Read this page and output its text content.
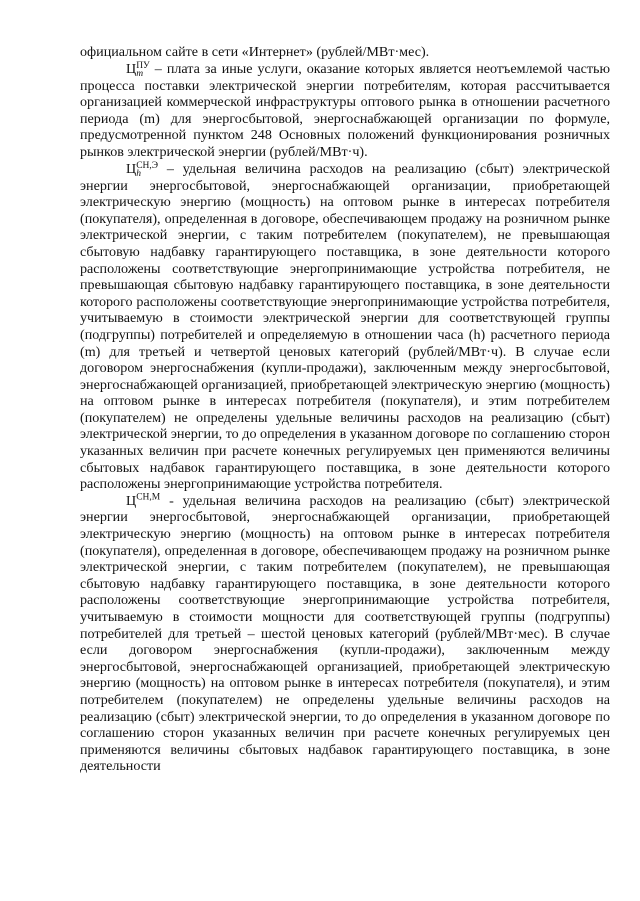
официальном сайте в сети «Интернет» (рублей/МВт·мес).

Ц ПУ
m – плата за иные услуги, оказание которых является неотъемлемой частью процесса поставки электрической энергии потребителям, которая рассчитывается организацией коммерческой инфраструктуры оптового рынка в отношении расчетного периода (m) для энергосбытовой, энергоснабжающей организации по формуле, предусмотренной пунктом 248 Основных положений функционирования розничных рынков электрической энергии (рублей/МВт·ч).

Ц СН,Э
h	– удельная величина расходов на реализацию (сбыт) электрической энергии энергосбытовой, энергоснабжающей организации, приобретающей электрическую энергию (мощность) на оптовом рынке в интересах потребителя (покупателя), определенная в договоре, обеспечивающем продажу на розничном рынке электрической энергии, с таким потребителем (покупателем), не превышающая сбытовую надбавку гарантирующего поставщика, в зоне деятельности которого расположены соответствующие энергопринимающие устройства потребителя, не превышающая сбытовую надбавку гарантирующего поставщика, в зоне деятельности которого расположены соответствующие энергопринимающие устройства потребителя, учитываемую в стоимости электрической энергии для соответствующей группы (подгруппы) потребителей и определяемую в отношении часа (h) расчетного периода (m) для третьей и четвертой ценовых категорий (рублей/МВт·ч). В случае если договором энергоснабжения (купли-продажи), заключенным между энергосбытовой, энергоснабжающей организацией, приобретающей электрическую энергию (мощность) на оптовом рынке в интересах потребителя (покупателя), и этим потребителем (покупателем) не определены удельные величины расходов на реализацию (сбыт) электрической энергии, то до определения в указанном договоре по соглашению сторон указанных величин при расчете конечных регулируемых цен применяются величины сбытовых надбавок гарантирующего поставщика, в зоне деятельности которого расположены энергопринимающие устройства потребителя.

$Ц^{СН,М}$ - удельная величина расходов на реализацию (сбыт) электрической энергии энергосбытовой, энергоснабжающей организации, приобретающей электрическую энергию (мощность) на оптовом рынке в интересах потребителя (покупателя), определенная в договоре, обеспечивающем продажу на розничном рынке электрической энергии, с таким потребителем (покупателем), не превышающая сбытовую надбавку гарантирующего поставщика, в зоне деятельности которого расположены соответствующие энергопринимающие устройства потребителя, учитываемую в стоимости мощности для соответствующей группы (подгруппы) потребителей для третьей – шестой ценовых категорий (рублей/МВт·мес). В случае если договором энергоснабжения (купли-продажи), заключенным между энергосбытовой, энергоснабжающей организацией, приобретающей электрическую энергию (мощность) на оптовом рынке в интересах потребителя (покупателя), и этим потребителем (покупателем) не определены удельные величины расходов на реализацию (сбыт) электрической энергии, то до определения в указанном договоре по соглашению сторон указанных величин при расчете конечных регулируемых цен применяются величины сбытовых надбавок гарантирующего поставщика, в зоне деятельности
